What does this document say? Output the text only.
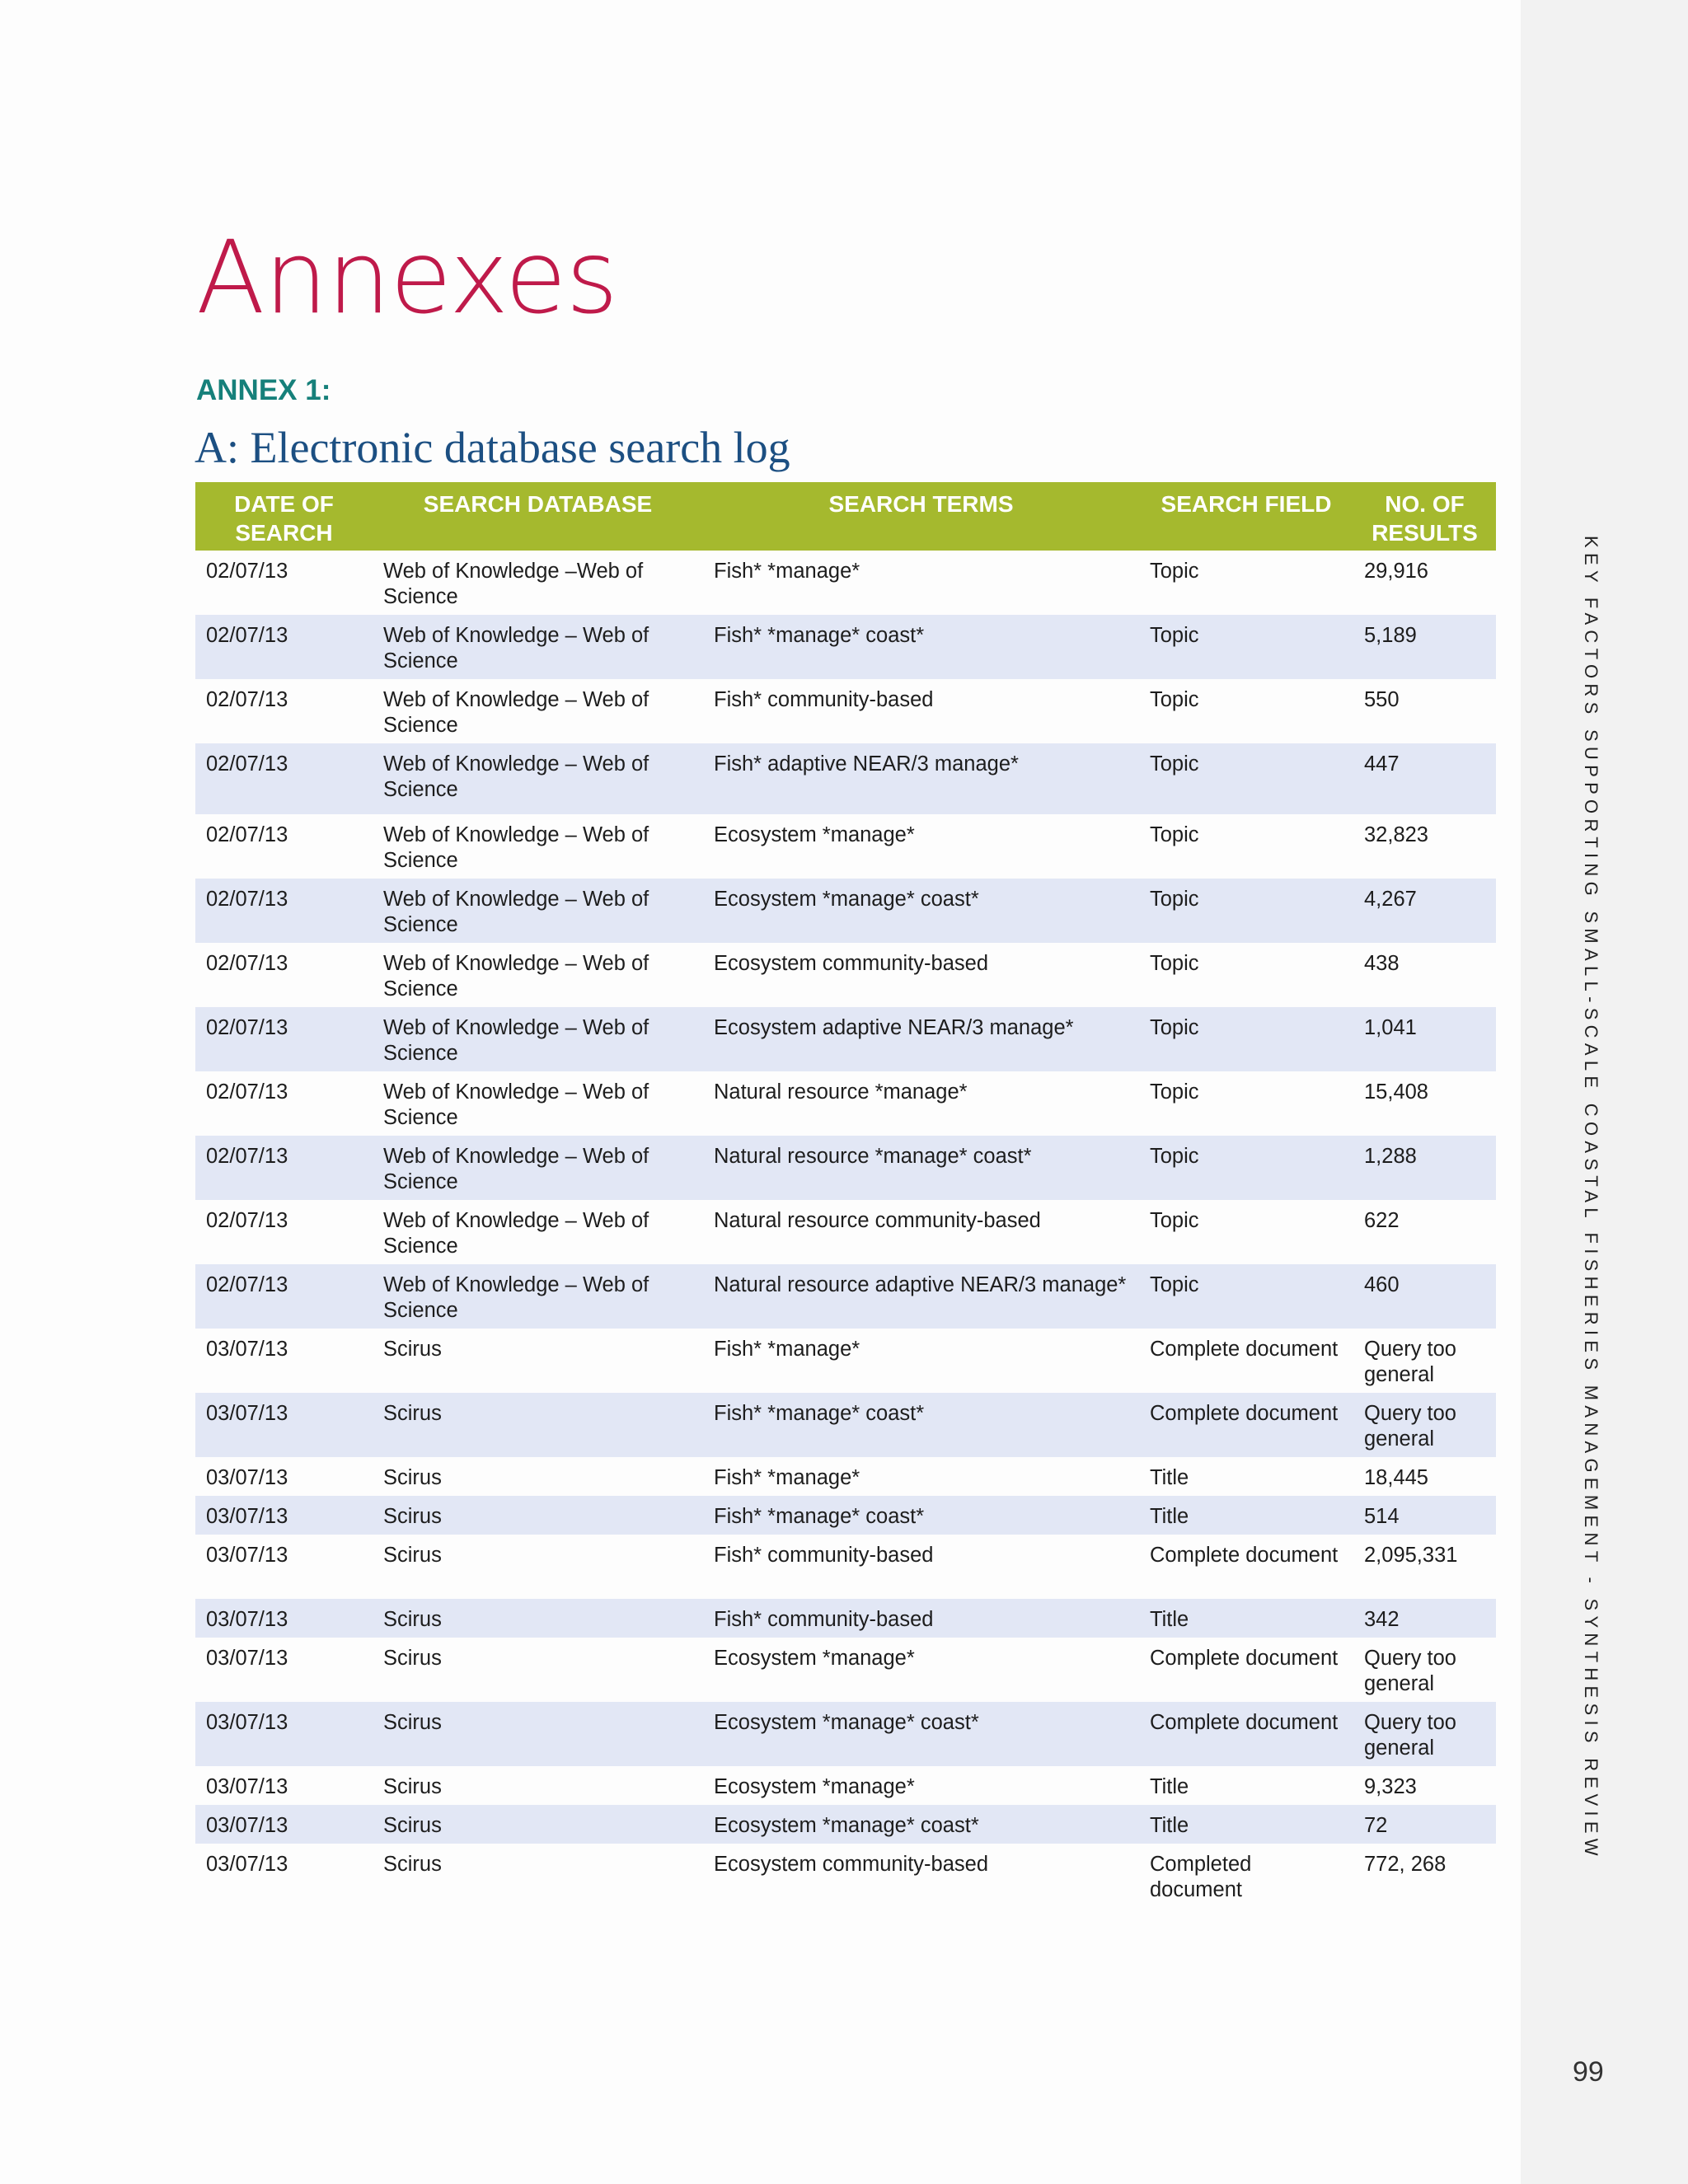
Annexes
ANNEX 1:
A: Electronic database search log
DATE OF SEARCH	SEARCH DATABASE	SEARCH TERMS	SEARCH FIELD	NO. OF RESULTS
02/07/13	Web of Knowledge –Web of Science	Fish* *manage*	Topic	29,916
02/07/13	Web of Knowledge – Web of Science	Fish* *manage* coast*	Topic	5,189
02/07/13	Web of Knowledge – Web of Science	Fish* community-based	Topic	550
02/07/13	Web of Knowledge – Web of Science	Fish* adaptive NEAR/3 manage*	Topic	447
02/07/13	Web of Knowledge – Web of Science	Ecosystem *manage*	Topic	32,823
02/07/13	Web of Knowledge – Web of Science	Ecosystem *manage* coast*	Topic	4,267
02/07/13	Web of Knowledge – Web of Science	Ecosystem community-based	Topic	438
02/07/13	Web of Knowledge – Web of Science	Ecosystem adaptive NEAR/3 manage*	Topic	1,041
02/07/13	Web of Knowledge – Web of Science	Natural resource *manage*	Topic	15,408
02/07/13	Web of Knowledge – Web of Science	Natural resource *manage* coast*	Topic	1,288
02/07/13	Web of Knowledge – Web of Science	Natural resource community-based	Topic	622
02/07/13	Web of Knowledge – Web of Science	Natural resource adaptive NEAR/3 manage*	Topic	460
03/07/13	Scirus	Fish* *manage*	Complete document	Query too general
03/07/13	Scirus	Fish* *manage* coast*	Complete document	Query too general
03/07/13	Scirus	Fish* *manage*	Title	18,445
03/07/13	Scirus	Fish* *manage* coast*	Title	514
03/07/13	Scirus	Fish* community-based	Complete document	2,095,331
03/07/13	Scirus	Fish* community-based	Title	342
03/07/13	Scirus	Ecosystem *manage*	Complete document	Query too general
03/07/13	Scirus	Ecosystem *manage* coast*	Complete document	Query too general
03/07/13	Scirus	Ecosystem *manage*	Title	9,323
03/07/13	Scirus	Ecosystem *manage* coast*	Title	72
03/07/13	Scirus	Ecosystem community-based	Completed document	772, 268
KEY FACTORS SUPPORTING SMALL-SCALE COASTAL FISHERIES MANAGEMENT - SYNTHESIS REVIEW
99
